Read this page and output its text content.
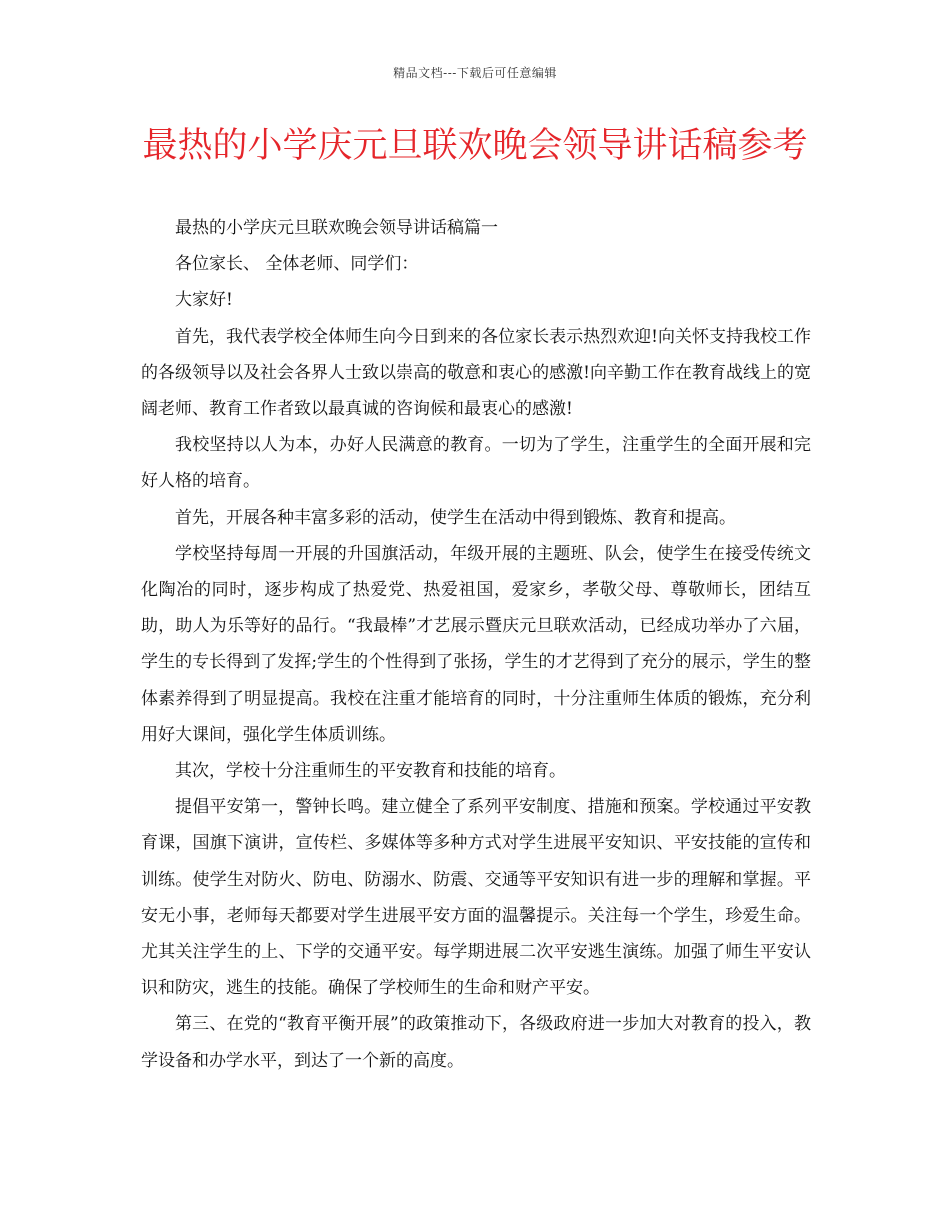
精品文档---下载后可任意编辑
最热的小学庆元旦联欢晚会领导讲话稿参考

最热的小学庆元旦联欢晚会领导讲话稿篇一

各位家长、 全体老师、同学们：

大家好!

首先，我代表学校全体师生向今日到来的各位家长表示热烈欢迎!向关怀支持我校工作的各级领导以及社会各界人士致以崇高的敬意和衷心的感激!向辛勤工作在教育战线上的宽阔老师、教育工作者致以最真诚的咨询候和最衷心的感激!

我校坚持以人为本，办好人民满意的教育。一切为了学生，注重学生的全面开展和完好人格的培育。

首先，开展各种丰富多彩的活动，使学生在活动中得到锻炼、教育和提高。

学校坚持每周一开展的升国旗活动，年级开展的主题班、队会，使学生在接受传统文化陶冶的同时，逐步构成了热爱党、热爱祖国，爱家乡，孝敬父母、尊敬师长，团结互助，助人为乐等好的品行。“我最棒”才艺展示暨庆元旦联欢活动，已经成功举办了六届，学生的专长得到了发挥;学生的个性得到了张扬，学生的才艺得到了充分的展示，学生的整体素养得到了明显提高。我校在注重才能培育的同时，十分注重师生体质的锻炼，充分利用好大课间，强化学生体质训练。

其次，学校十分注重师生的平安教育和技能的培育。

提倡平安第一，警钟长鸣。建立健全了系列平安制度、措施和预案。学校通过平安教育课，国旗下演讲，宣传栏、多媒体等多种方式对学生进展平安知识、平安技能的宣传和训练。使学生对防火、防电、防溺水、防震、交通等平安知识有进一步的理解和掌握。平安无小事，老师每天都要对学生进展平安方面的温馨提示。关注每一个学生，珍爱生命。尤其关注学生的上、下学的交通平安。每学期进展二次平安逃生演练。加强了师生平安认识和防灾，逃生的技能。确保了学校师生的生命和财产平安。

第三、在党的“教育平衡开展”的政策推动下，各级政府进一步加大对教育的投入，教学设备和办学水平，到达了一个新的高度。
